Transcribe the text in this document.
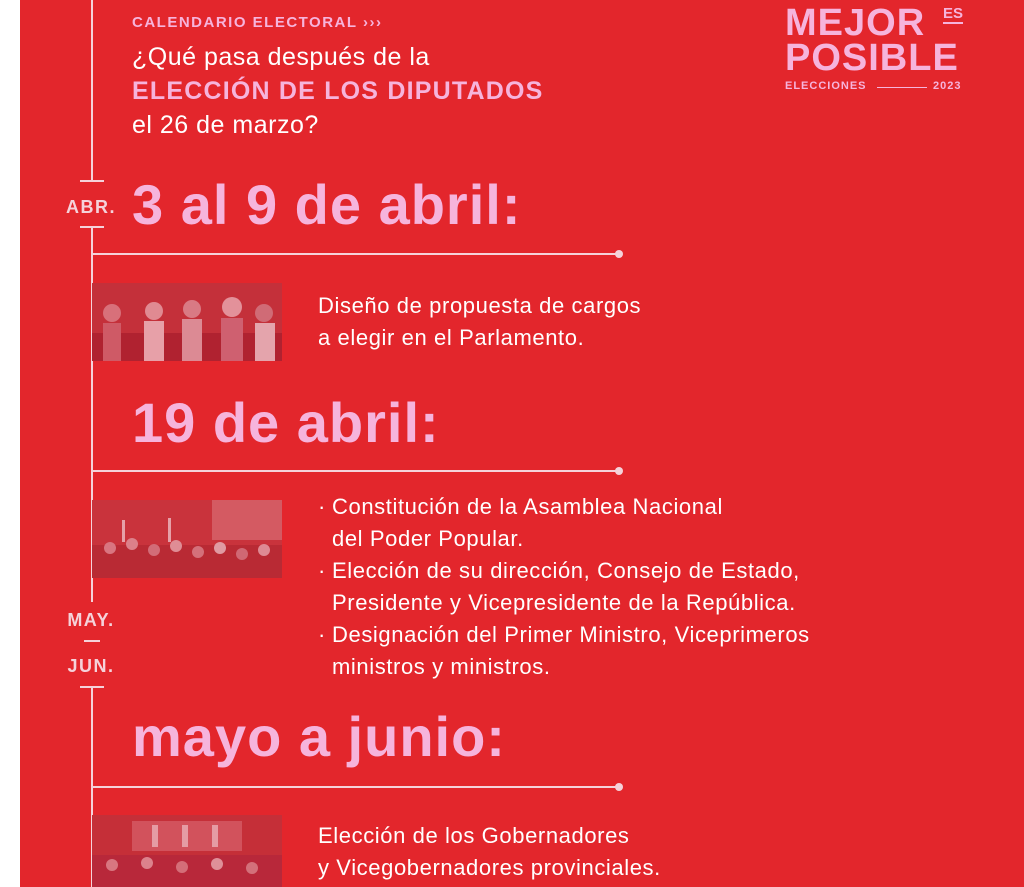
ABR.
MAY.
JUN.
CALENDARIO ELECTORAL ›››
¿Qué pasa después de la
ELECCIÓN DE LOS DIPUTADOS
el 26 de marzo?
MEJOR ES
POSIBLE
ELECCIONES	2023
3 al 9 de abril:
Diseño de propuesta de cargos
a elegir en el Parlamento.
19 de abril:
· Constitución de la Asamblea Nacional
del Poder Popular.
· Elección de su dirección, Consejo de Estado,
Presidente y Vicepresidente de la República.
· Designación del Primer Ministro, Viceprimeros
ministros y ministros.
mayo a junio:
Elección de los Gobernadores
y Vicegobernadores provinciales.
